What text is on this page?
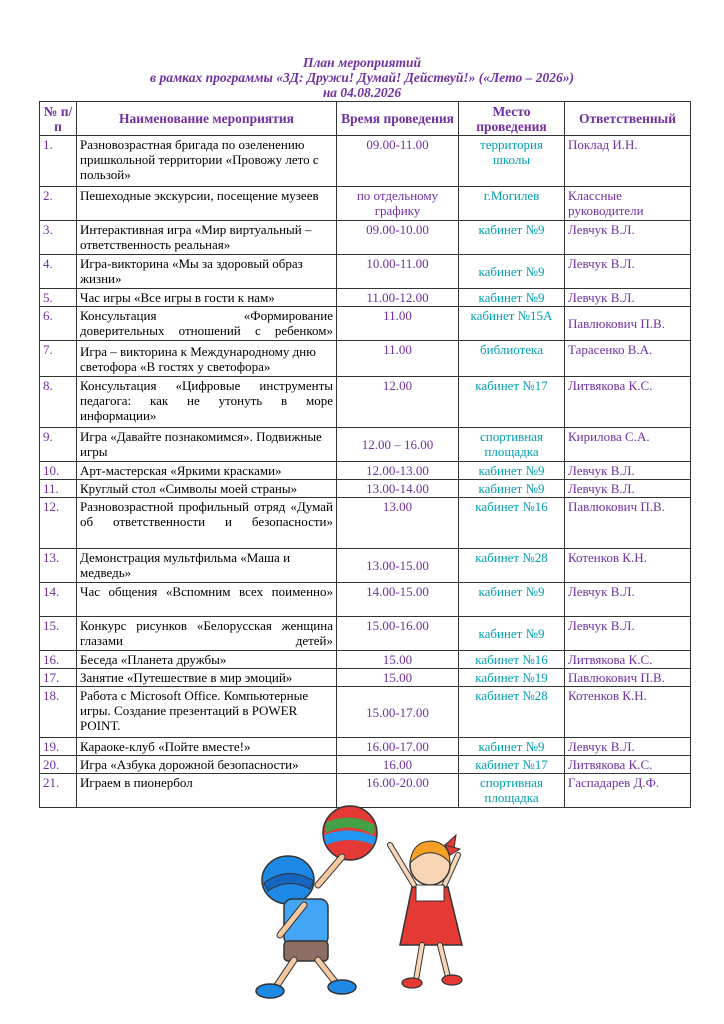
План мероприятий
в рамках программы «3Д: Дружи! Думай! Действуй!» («Лето – 2026»)
на 04.08.2026
№ п/п	Наименование мероприятия	Время проведения	Место проведения	Ответственный
1.	Разновозрастная бригада по озеленению пришкольной территории «Провожу лето с пользой»	09.00-11.00	территория школы	Поклад И.Н.
2.	Пешеходные экскурсии, посещение музеев	по отдельному графику	г.Могилев	Классные руководители
3.	Интерактивная игра «Мир виртуальный – ответственность реальная»	09.00-10.00	кабинет №9	Левчук В.Л.
4.	Игра-викторина «Мы за здоровый образ жизни»	10.00-11.00	кабинет №9	Левчук В.Л.
5.	Час игры «Все игры в гости к нам»	11.00-12.00	кабинет №9	Левчук В.Л.
6.	Консультация «Формирование доверительных отношений с ребенком»	11.00	кабинет №15А	Павлюкович П.В.
7.	Игра – викторина к Международному дню светофора «В гостях у светофора»	11.00	библиотека	Тарасенко В.А.
8.	Консультация «Цифровые инструменты педагога: как не утонуть в море информации»	12.00	кабинет №17	Литвякова К.С.
9.	Игра «Давайте познакомимся». Подвижные игры	12.00 – 16.00	спортивная площадка	Кирилова С.А.
10.	Арт-мастерская «Яркими красками»	12.00-13.00	кабинет №9	Левчук В.Л.
11.	Круглый стол «Символы моей страны»	13.00-14.00	кабинет №9	Левчук В.Л.
12.	Разновозрастной профильный отряд «Думай об ответственности и безопасности»	13.00	кабинет №16	Павлюкович П.В.
13.	Демонстрация мультфильма «Маша и медведь»	13.00-15.00	кабинет №28	Котенков К.Н.
14.	Час общения «Вспомним всех поименно»	14.00-15.00	кабинет №9	Левчук В.Л.
15.	Конкурс рисунков «Белорусская женщина глазами детей»	15.00-16.00	кабинет №9	Левчук В.Л.
16.	Беседа «Планета дружбы»	15.00	кабинет №16	Литвякова К.С.
17.	Занятие «Путешествие в мир эмоций»	15.00	кабинет №19	Павлюкович П.В.
18.	Работа с Microsoft Office. Компьютерные игры. Создание презентаций в POWER POINT.	15.00-17.00	кабинет №28	Котенков К.Н.
19.	Караоке-клуб «Пойте вместе!»	16.00-17.00	кабинет №9	Левчук В.Л.
20.	Игра «Азбука дорожной безопасности»	16.00	кабинет №17	Литвякова К.С.
21.	Играем в пионербол	16.00-20.00	спортивная площадка	Гаспадарев Д.Ф.
